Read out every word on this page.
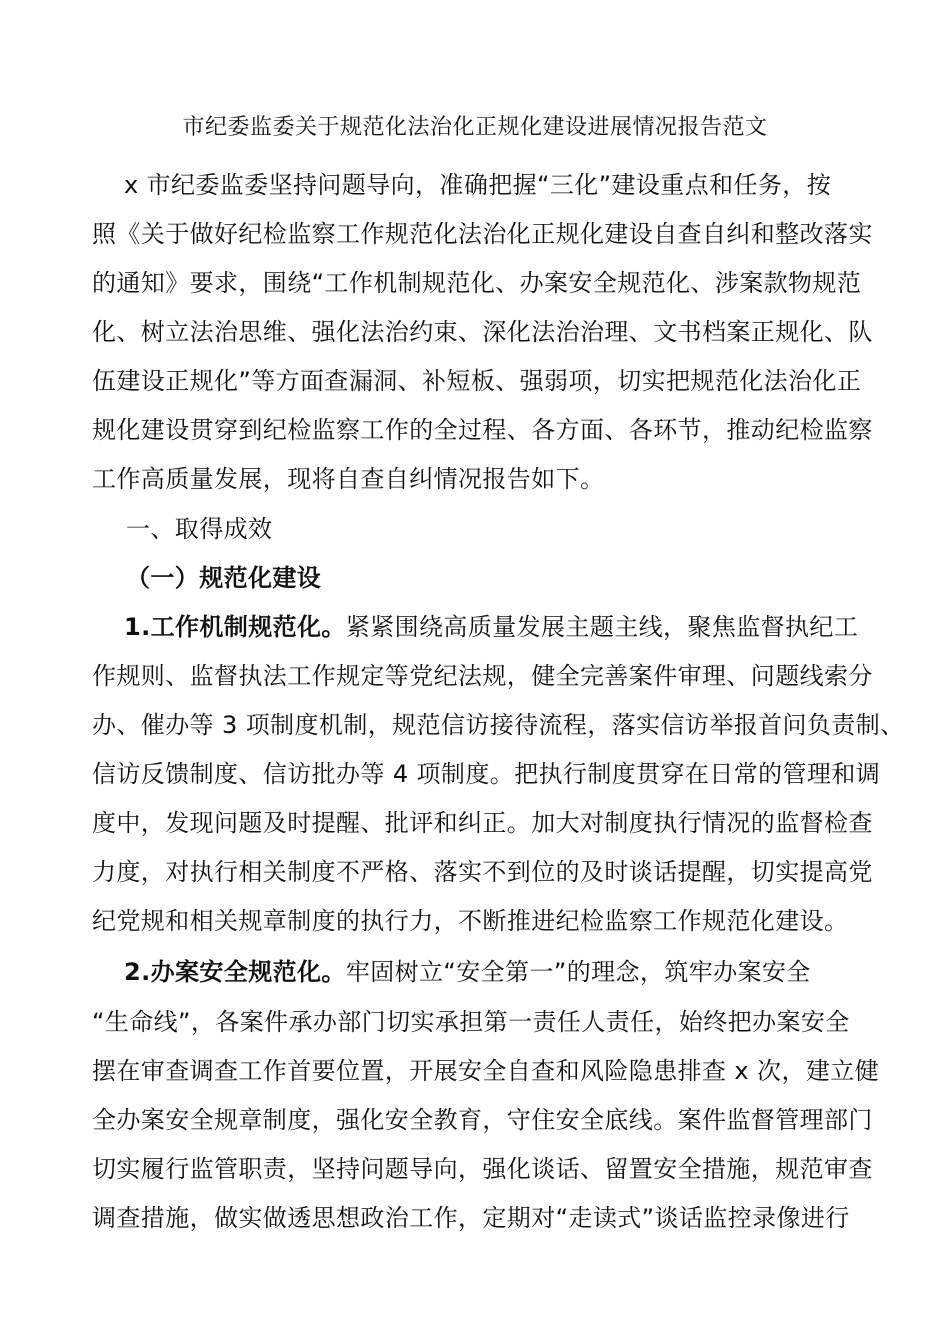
市纪委监委关于规范化法治化正规化建设进展情况报告范文
x 市纪委监委坚持问题导向，准确把握“三化”建设重点和任务，按
照《关于做好纪检监察工作规范化法治化正规化建设自查自纠和整改落实
的通知》要求，围绕“工作机制规范化、办案安全规范化、涉案款物规范
化、树立法治思维、强化法治约束、深化法治治理、文书档案正规化、队
伍建设正规化”等方面查漏洞、补短板、强弱项，切实把规范化法治化正
规化建设贯穿到纪检监察工作的全过程、各方面、各环节，推动纪检监察
工作高质量发展，现将自查自纠情况报告如下。
一、取得成效
（一）规范化建设
1.工作机制规范化。紧紧围绕高质量发展主题主线，聚焦监督执纪工
作规则、监督执法工作规定等党纪法规，健全完善案件审理、问题线索分
办、催办等 3 项制度机制，规范信访接待流程，落实信访举报首问负责制、
信访反馈制度、信访批办等 4 项制度。把执行制度贯穿在日常的管理和调
度中，发现问题及时提醒、批评和纠正。加大对制度执行情况的监督检查
力度，对执行相关制度不严格、落实不到位的及时谈话提醒，切实提高党
纪党规和相关规章制度的执行力，不断推进纪检监察工作规范化建设。
2.办案安全规范化。牢固树立“安全第一”的理念，筑牢办案安全
“生命线”，各案件承办部门切实承担第一责任人责任，始终把办案安全
摆在审查调查工作首要位置，开展安全自查和风险隐患排查 x 次，建立健
全办案安全规章制度，强化安全教育，守住安全底线。案件监督管理部门
切实履行监管职责，坚持问题导向，强化谈话、留置安全措施，规范审查
调查措施，做实做透思想政治工作，定期对“走读式”谈话监控录像进行
